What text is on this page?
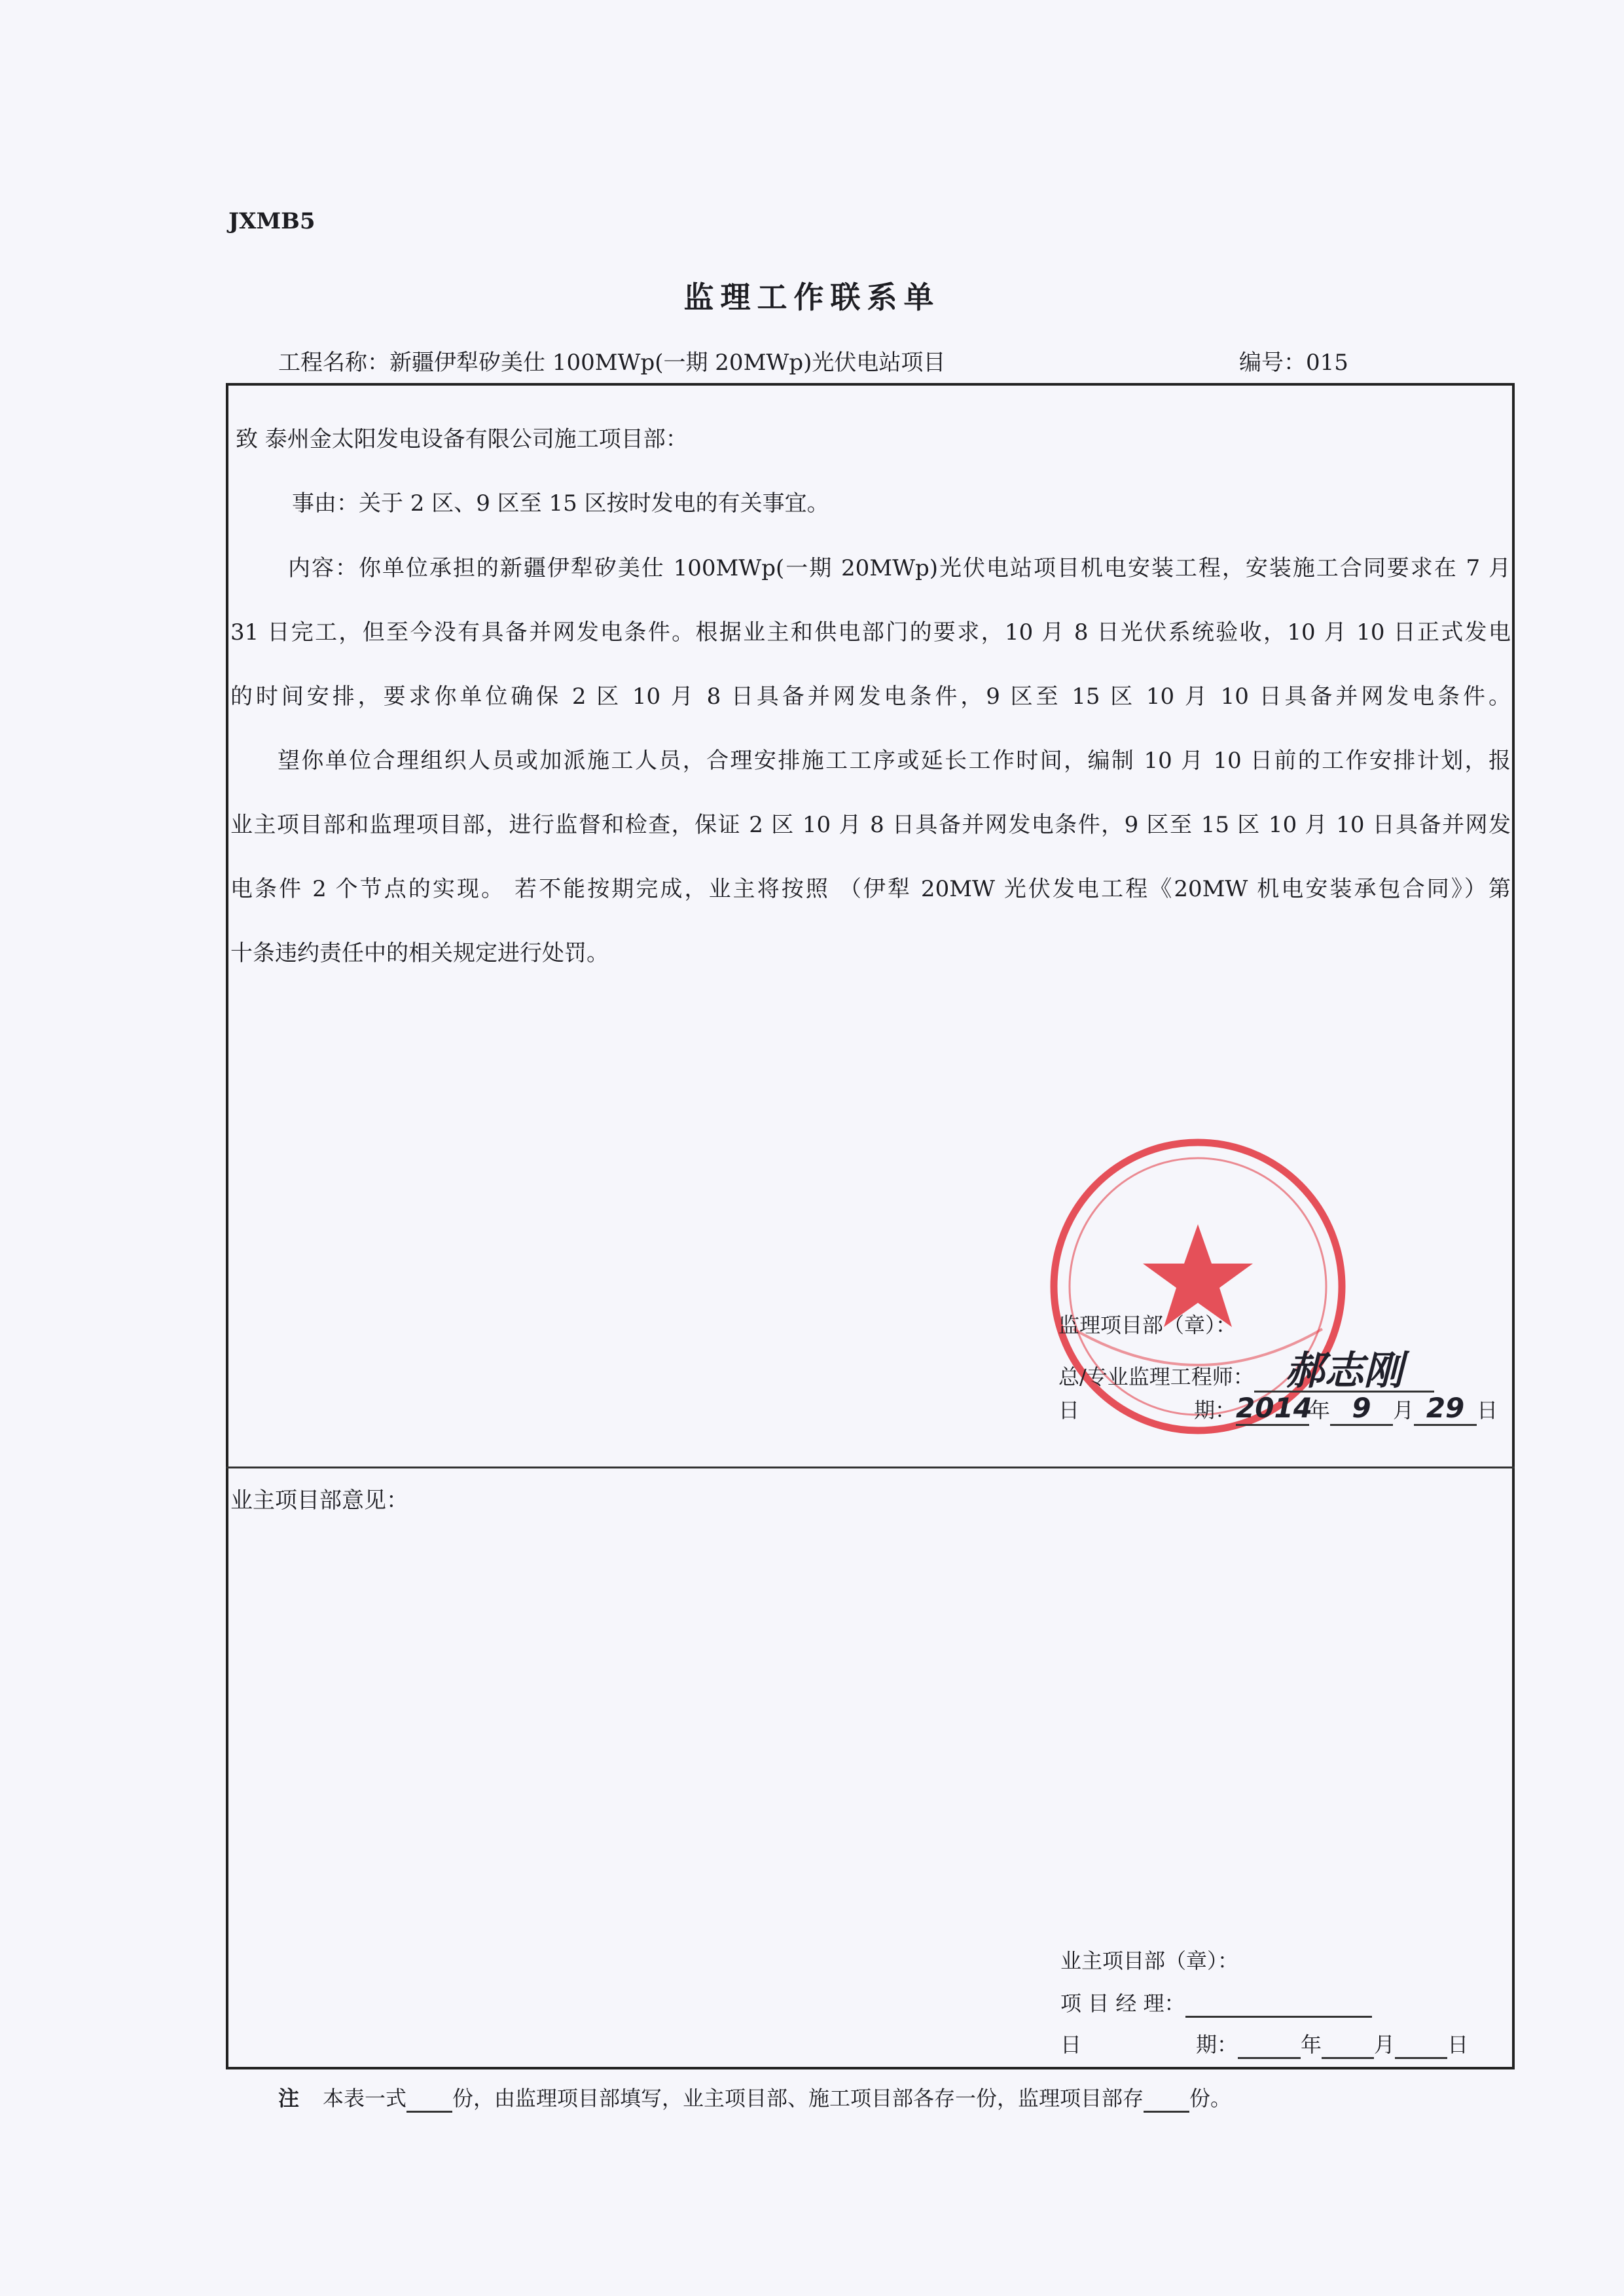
JXMB5
监理工作联系单
工程名称：新疆伊犁矽美仕 100MWp(一期 20MWp)光伏电站项目	编号：015
致 泰州金太阳发电设备有限公司施工项目部：
事由：关于 2 区、9 区至 15 区按时发电的有关事宜。
内容：你单位承担的新疆伊犁矽美仕 100MWp(一期 20MWp)光伏电站项目机电安装工程，安装施工合同要求在 7 月
31 日完工，但至今没有具备并网发电条件。根据业主和供电部门的要求，10 月 8 日光伏系统验收，10 月 10 日正式发电
的时间安排，要求你单位确保 2 区 10 月 8 日具备并网发电条件，9 区至 15 区 10 月 10 日具备并网发电条件。
望你单位合理组织人员或加派施工人员，合理安排施工工序或延长工作时间，编制 10 月 10 日前的工作安排计划，报
业主项目部和监理项目部，进行监督和检查，保证 2 区 10 月 8 日具备并网发电条件，9 区至 15 区 10 月 10 日具备并网发
电条件 2 个节点的实现。 若不能按期完成，业主将按照 （伊犁 20MW 光伏发电工程《20MW 机电安装承包合同》）第
十条违约责任中的相关规定进行处罚。
监理项目部（章）：
总/专业监理工程师： 郝志刚
日	期：2014年 9 月 29 日
业主项目部意见：
业主项目部（章）：
项 目 经 理：
日	期：	年	月	日
注 本表一式 份，由监理项目部填写，业主项目部、施工项目部各存一份，监理项目部存 份。
